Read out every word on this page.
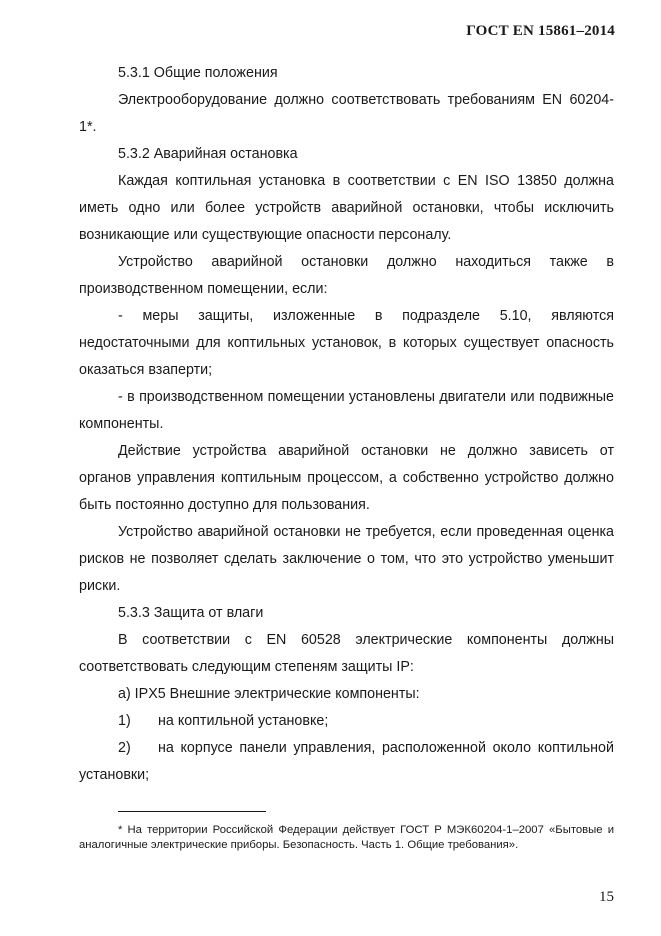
ГОСТ EN 15861–2014

5.3.1 Общие положения

Электрооборудование должно соответствовать требованиям EN 60204-1*.

5.3.2 Аварийная остановка

Каждая коптильная установка в соответствии с EN ISO 13850 должна иметь одно или более устройств аварийной остановки, чтобы исключить возникающие или существующие опасности персоналу.

Устройство аварийной остановки должно находиться также в производственном помещении, если:

- меры защиты, изложенные в подразделе 5.10, являются недостаточными для коптильных установок, в которых существует опасность оказаться взаперти;

- в производственном помещении установлены двигатели или подвижные компоненты.

Действие устройства аварийной остановки не должно зависеть от органов управления коптильным процессом, а собственно устройство должно быть постоянно доступно для пользования.

Устройство аварийной остановки не требуется, если проведенная оценка рисков не позволяет сделать заключение о том, что это устройство уменьшит риски.

5.3.3 Защита от влаги

В соответствии с EN 60528 электрические компоненты должны соответствовать следующим степеням защиты IP:

а) IPX5 Внешние электрические компоненты:

1) на коптильной установке;

2) на корпусе панели управления, расположенной около коптильной установки;

* На территории Российской Федерации действует ГОСТ Р МЭК60204-1–2007 «Бытовые и аналогичные электрические приборы. Безопасность. Часть 1. Общие требования».

15
